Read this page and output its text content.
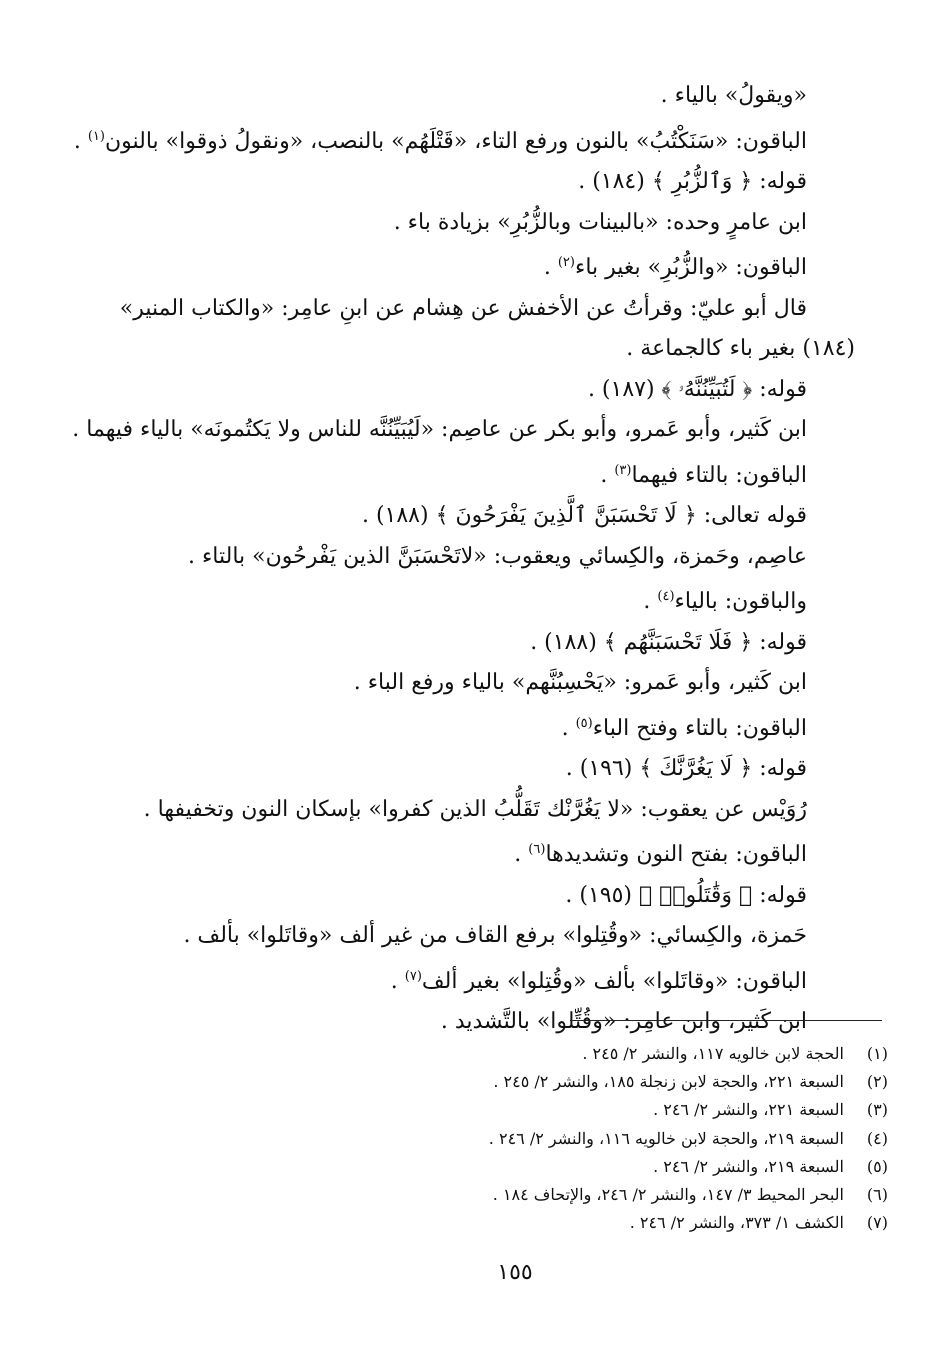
«ويقولُ» بالياء .
الباقون: «سَنَكْتُبُ» بالنون ورفع التاء، «قَتْلَهُم» بالنصب، «ونقولُ ذوقوا» بالنون$^{(١)}$ .
قوله: ﴿ وَٱلزُّبُرِ ﴾ (١٨٤) .
ابن عامرٍ وحده: «بالبينات وبالزُّبُرِ» بزيادة باء .
الباقون: «والزُّبُرِ» بغير باء$^{(٢)}$ .
قال أبو عليّ: وقرأتُ عن الأخفش عن هِشام عن ابنِ عامِر: «والكتاب المنير»
(١٨٤) بغير باء كالجماعة .
قوله: ﴿ لَتُبَيِّنُنَّهُۥ ﴾ (١٨٧) .
ابن كَثير، وأبو عَمرو، وأبو بكر عن عاصِم: «لَيُبَيِّنُنَّه للناس ولا يَكتُمونَه» بالياء فيهما .
الباقون: بالتاء فيهما$^{(٣)}$ .
قوله تعالى: ﴿ لَا تَحْسَبَنَّ ٱلَّذِينَ يَفْرَحُونَ ﴾ (١٨٨) .
عاصِم، وحَمزة، والكِسائي ويعقوب: «لاتَحْسَبَنَّ الذين يَفْرحُون» بالتاء .
والباقون: بالياء$^{(٤)}$ .
قوله: ﴿ فَلَا تَحْسَبَنَّهُم ﴾ (١٨٨) .
ابن كَثير، وأبو عَمرو: «يَحْسِبُنَّهم» بالياء ورفع الباء .
الباقون: بالتاء وفتح الباء$^{(٥)}$ .
قوله: ﴿ لَا يَغُرَّنَّكَ ﴾ (١٩٦) .
رُوَيْس عن يعقوب: «لا يَغُرَّنْك تَقَلُّبُ الذين كفروا» بإسكان النون وتخفيفها .
الباقون: بفتح النون وتشديدها$^{(٦)}$ .
قوله: ﴿ وَقَٰتَلُوا۟ ﴾ (١٩٥) .
حَمزة، والكِسائي: «وقُتِلوا» برفع القاف من غير ألف «وقاتَلوا» بألف .
الباقون: «وقاتَلوا» بألف «وقُتِلوا» بغير ألف$^{(٧)}$ .
ابن كَثير، وابن عامِر: «وقُتِّلوا» بالتَّشديد .
(١)الحجة لابن خالويه ١١٧، والنشر ٢/ ٢٤٥ .
(٢)السبعة ٢٢١، والحجة لابن زنجلة ١٨٥، والنشر ٢/ ٢٤٥ .
(٣)السبعة ٢٢١، والنشر ٢/ ٢٤٦ .
(٤)السبعة ٢١٩، والحجة لابن خالويه ١١٦، والنشر ٢/ ٢٤٦ .
(٥)السبعة ٢١٩، والنشر ٢/ ٢٤٦ .
(٦)البحر المحيط ٣/ ١٤٧، والنشر ٢/ ٢٤٦، والإتحاف ١٨٤ .
(٧)الكشف ١/ ٣٧٣، والنشر ٢/ ٢٤٦ .
١٥٥
